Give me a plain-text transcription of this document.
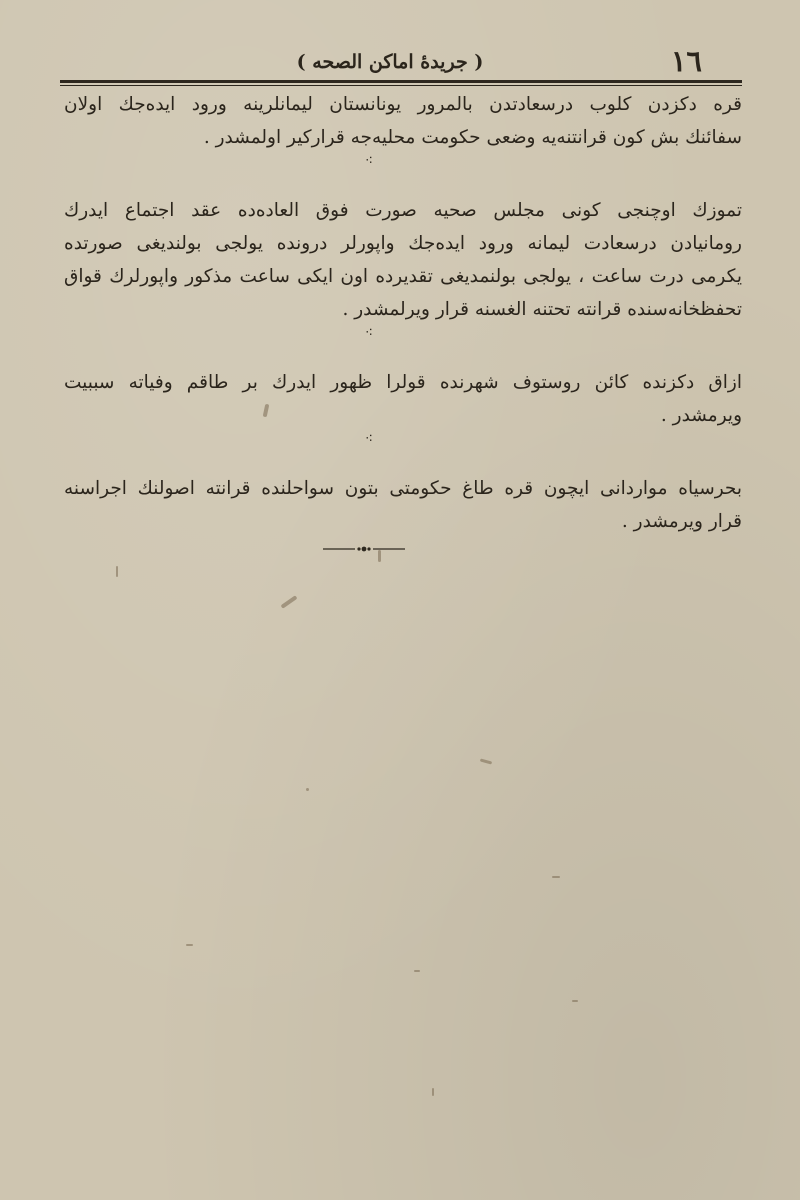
( جریدهٔ اماکن الصحه )	١٦
قره دکزدن کلوب درسعادتدن بالمرور یونانستان لیمانلرینه ورود ایده‌جك اولان
سفائنك بش کون قرانتنه‌یه وضعی حکومت محلیه‌جه قرارکیر اولمشدر .
⁖
تموزك اوچنجی کونی مجلس صحیه صورت فوق العاده‌ده عقد اجتماع ایدرك
رومانیادن درسعادت لیمانه ورود ایده‌جك واپورلر درونده یولجی بولندیغی صورتده
یکرمی درت ساعت ، یولجی بولنمدیغی تقدیرده اون ایکی ساعت مذکور واپورلرك قواق
تحفظخانه‌سنده قرانته تحتنه الغسنه قرار ویرلمشدر .
⁖
ازاق دکزنده کائن روستوف شهرنده قولرا ظهور ایدرك بر طاقم وفیاته سببیت
ویرمشدر .
⁖
بحرسیاه مواردانی ایچون قره طاغ حکومتی بتون سواحلنده قرانته اصولنك اجراسنه
قرار ویرمشدر .
